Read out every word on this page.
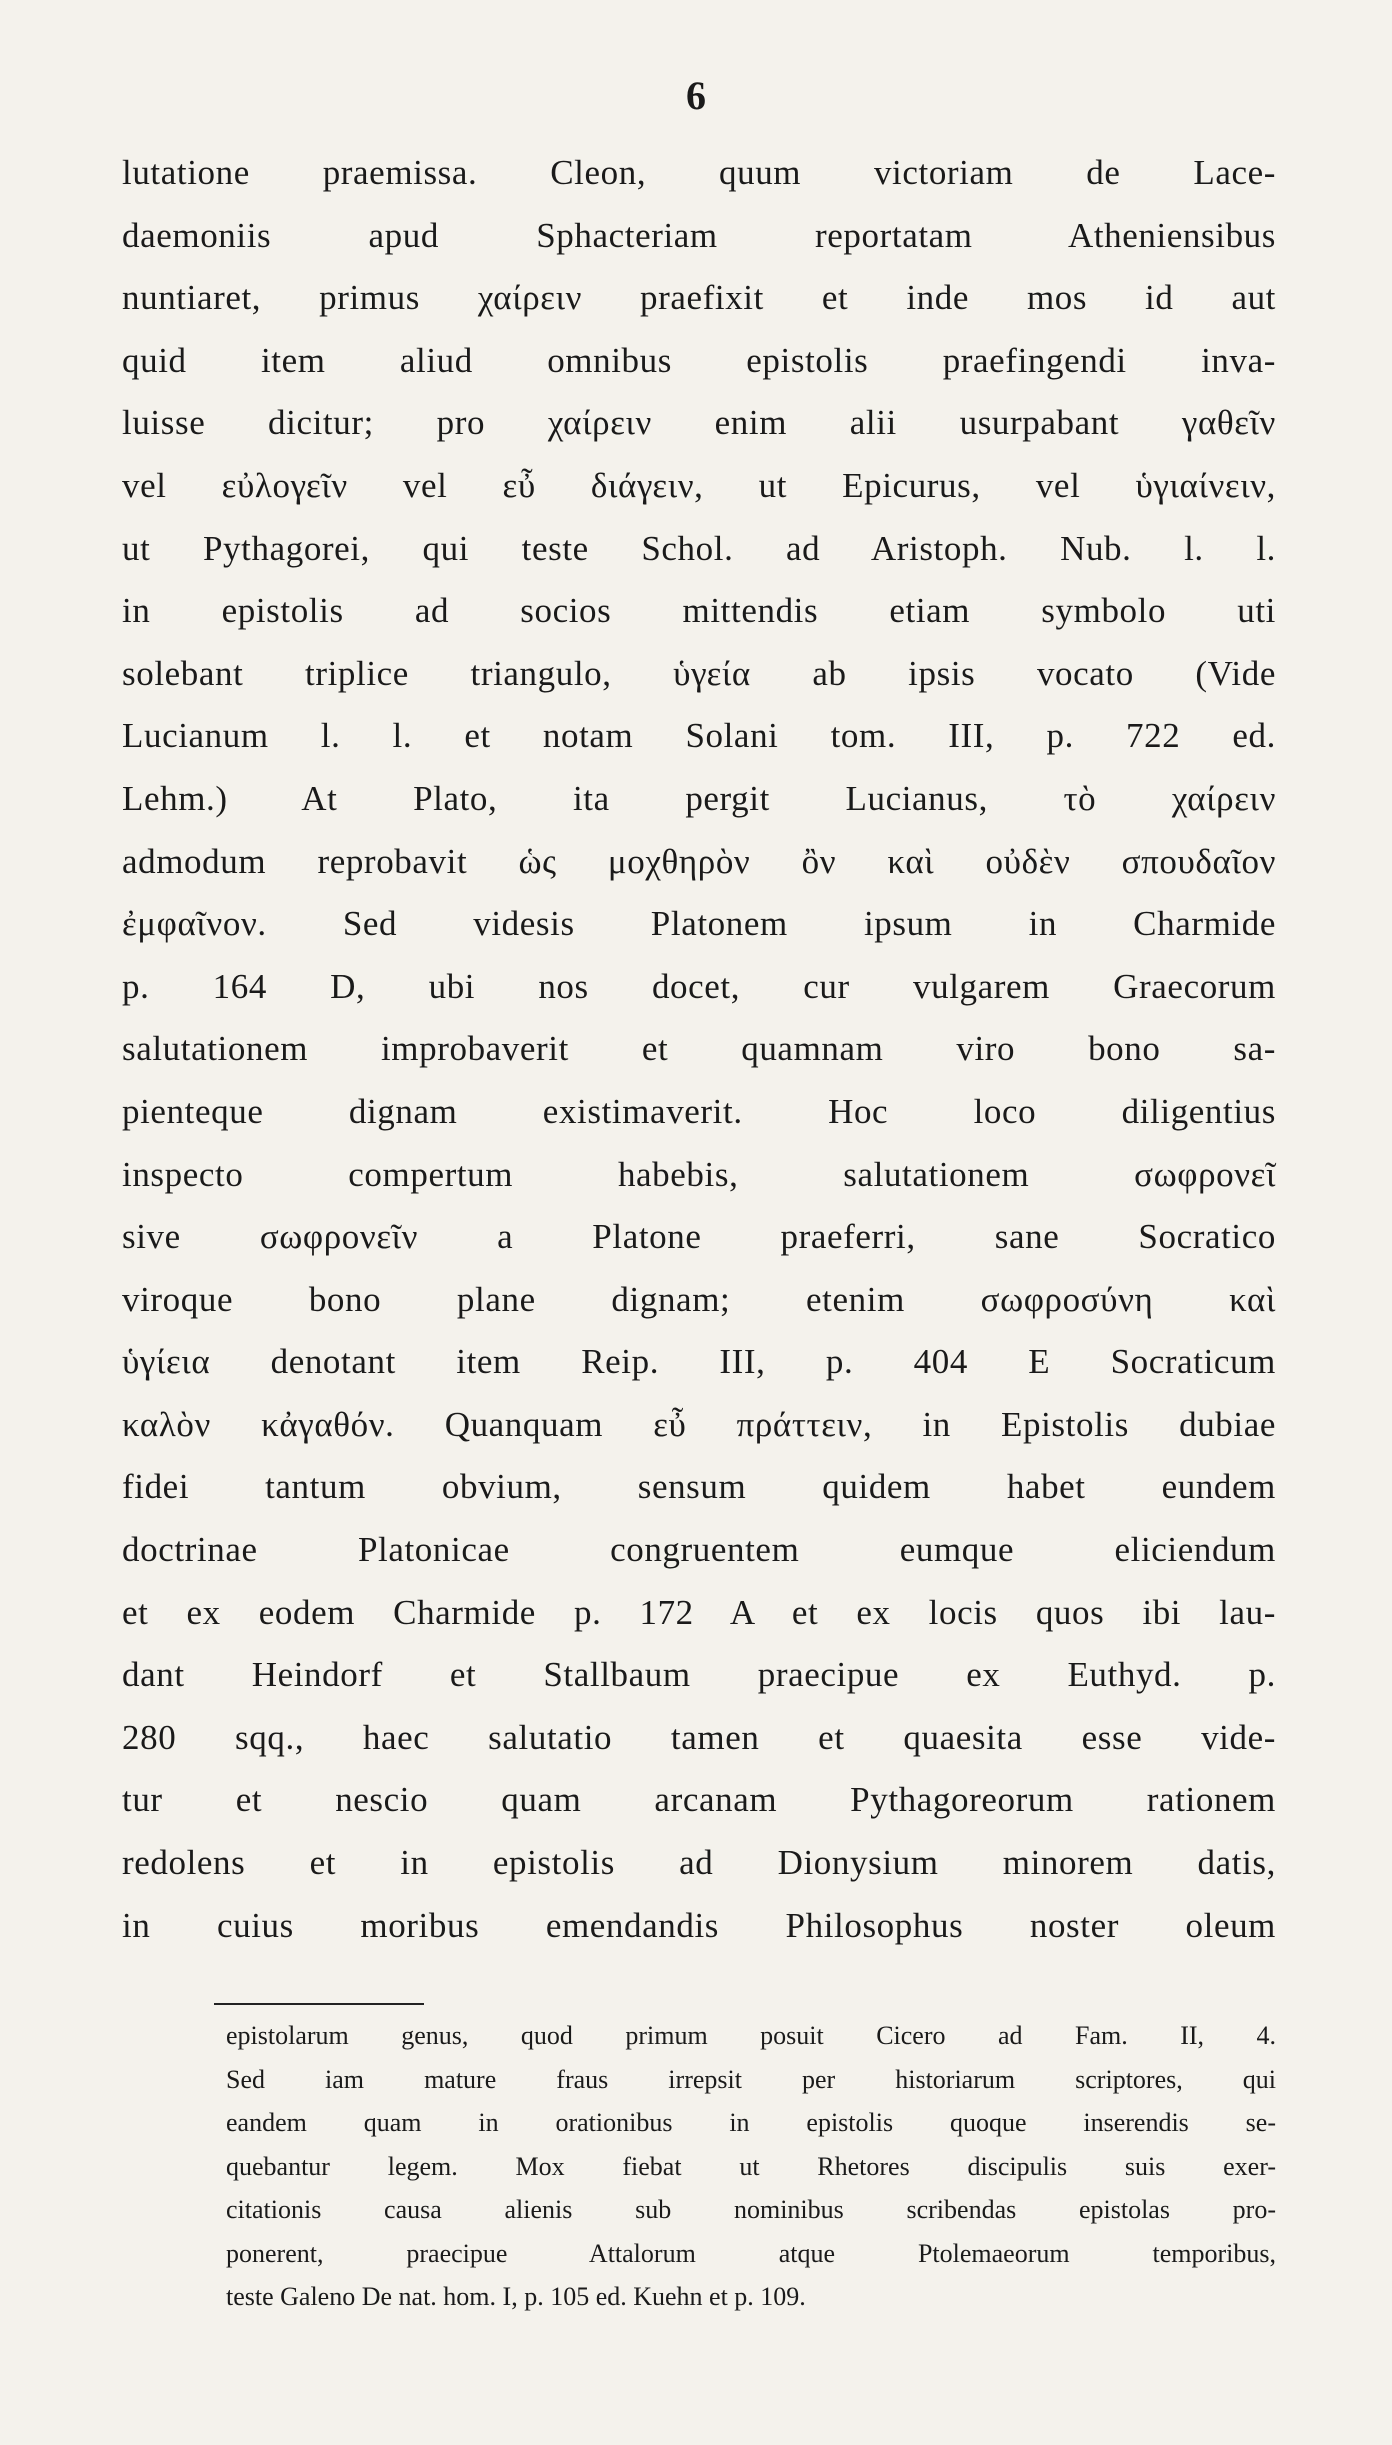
6
lutatione praemissa. Cleon, quum victoriam de Lace-
daemoniis apud Sphacteriam reportatam Atheniensibus
nuntiaret, primus χαίρειν praefixit et inde mos id aut
quid item aliud omnibus epistolis praefingendi inva-
luisse dicitur; pro χαίρειν enim alii usurpabant γαθεῖν
vel εὐλογεῖν vel εὖ διάγειν, ut Epicurus, vel ὑγιαίνειν,
ut Pythagorei, qui teste Schol. ad Aristoph. Nub. l. l.
in epistolis ad socios mittendis etiam symbolo uti
solebant triplice triangulo, ὑγεία ab ipsis vocato (Vide
Lucianum l. l. et notam Solani tom. III, p. 722 ed.
Lehm.) At Plato, ita pergit Lucianus, τὸ χαίρειν
admodum reprobavit ὡς μοχθηρὸν ὂν καὶ οὐδὲν σπουδαῖον
ἐμφαῖνον. Sed videsis Platonem ipsum in Charmide
p. 164 D, ubi nos docet, cur vulgarem Graecorum
salutationem improbaverit et quamnam viro bono sa-
pienteque dignam existimaverit. Hoc loco diligentius
inspecto compertum habebis, salutationem σωφρονεῖ
sive σωφρονεῖν a Platone praeferri, sane Socratico
viroque bono plane dignam; etenim σωφροσύνη καὶ
ὑγίεια denotant item Reip. III, p. 404 E Socraticum
καλὸν κἀγαθόν. Quanquam εὖ πράττειν, in Epistolis dubiae
fidei tantum obvium, sensum quidem habet eundem
doctrinae Platonicae congruentem eumque eliciendum
et ex eodem Charmide p. 172 A et ex locis quos ibi lau-
dant Heindorf et Stallbaum praecipue ex Euthyd. p.
280 sqq., haec salutatio tamen et quaesita esse vide-
tur et nescio quam arcanam Pythagoreorum rationem
redolens et in epistolis ad Dionysium minorem datis,
in cuius moribus emendandis Philosophus noster oleum
epistolarum genus, quod primum posuit Cicero ad Fam. II, 4.
Sed iam mature fraus irrepsit per historiarum scriptores, qui
eandem quam in orationibus in epistolis quoque inserendis se-
quebantur legem. Mox fiebat ut Rhetores discipulis suis exer-
citationis causa alienis sub nominibus scribendas epistolas pro-
ponerent, praecipue Attalorum atque Ptolemaeorum temporibus,
teste Galeno De nat. hom. I, p. 105 ed. Kuehn et p. 109.
